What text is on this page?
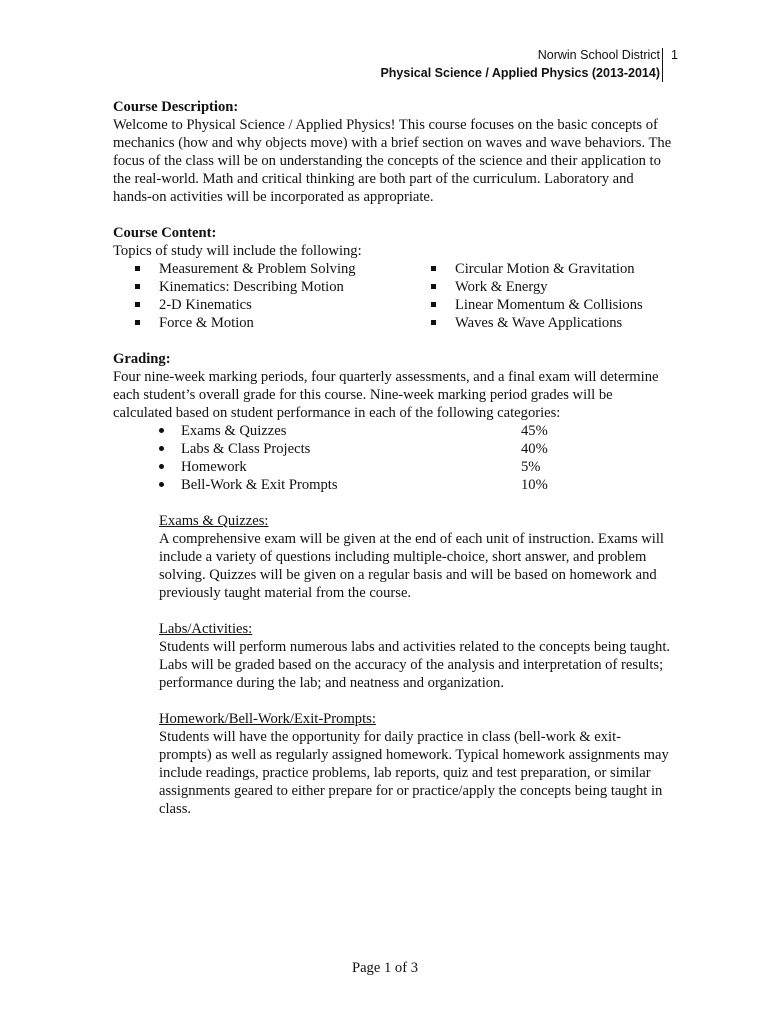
Norwin School District
Physical Science / Applied Physics (2013-2014)
1
Course Description:

Welcome to Physical Science / Applied Physics! This course focuses on the basic concepts of mechanics (how and why objects move) with a brief section on waves and wave behaviors. The focus of the class will be on understanding the concepts of the science and their application to the real-world. Math and critical thinking are both part of the curriculum. Laboratory and hands-on activities will be incorporated as appropriate.

Course Content:

Topics of study will include the following:

Measurement & Problem Solving
Kinematics: Describing Motion
2-D Kinematics
Force & Motion
Circular Motion & Gravitation
Work & Energy
Linear Momentum & Collisions
Waves & Wave Applications
Grading:

Four nine-week marking periods, four quarterly assessments, and a final exam will determine each student’s overall grade for this course. Nine-week marking period grades will be calculated based on student performance in each of the following categories:

Exams & Quizzes	45%
Labs & Class Projects	40%
Homework	5%
Bell-Work & Exit Prompts	10%
Exams & Quizzes:

A comprehensive exam will be given at the end of each unit of instruction. Exams will include a variety of questions including multiple-choice, short answer, and problem solving. Quizzes will be given on a regular basis and will be based on homework and previously taught material from the course.

Labs/Activities:

Students will perform numerous labs and activities related to the concepts being taught. Labs will be graded based on the accuracy of the analysis and interpretation of results; performance during the lab; and neatness and organization.

Homework/Bell-Work/Exit-Prompts:

Students will have the opportunity for daily practice in class (bell-work & exit-prompts) as well as regularly assigned homework. Typical homework assignments may include readings, practice problems, lab reports, quiz and test preparation, or similar assignments geared to either prepare for or practice/apply the concepts being taught in class.

Page 1 of 3
